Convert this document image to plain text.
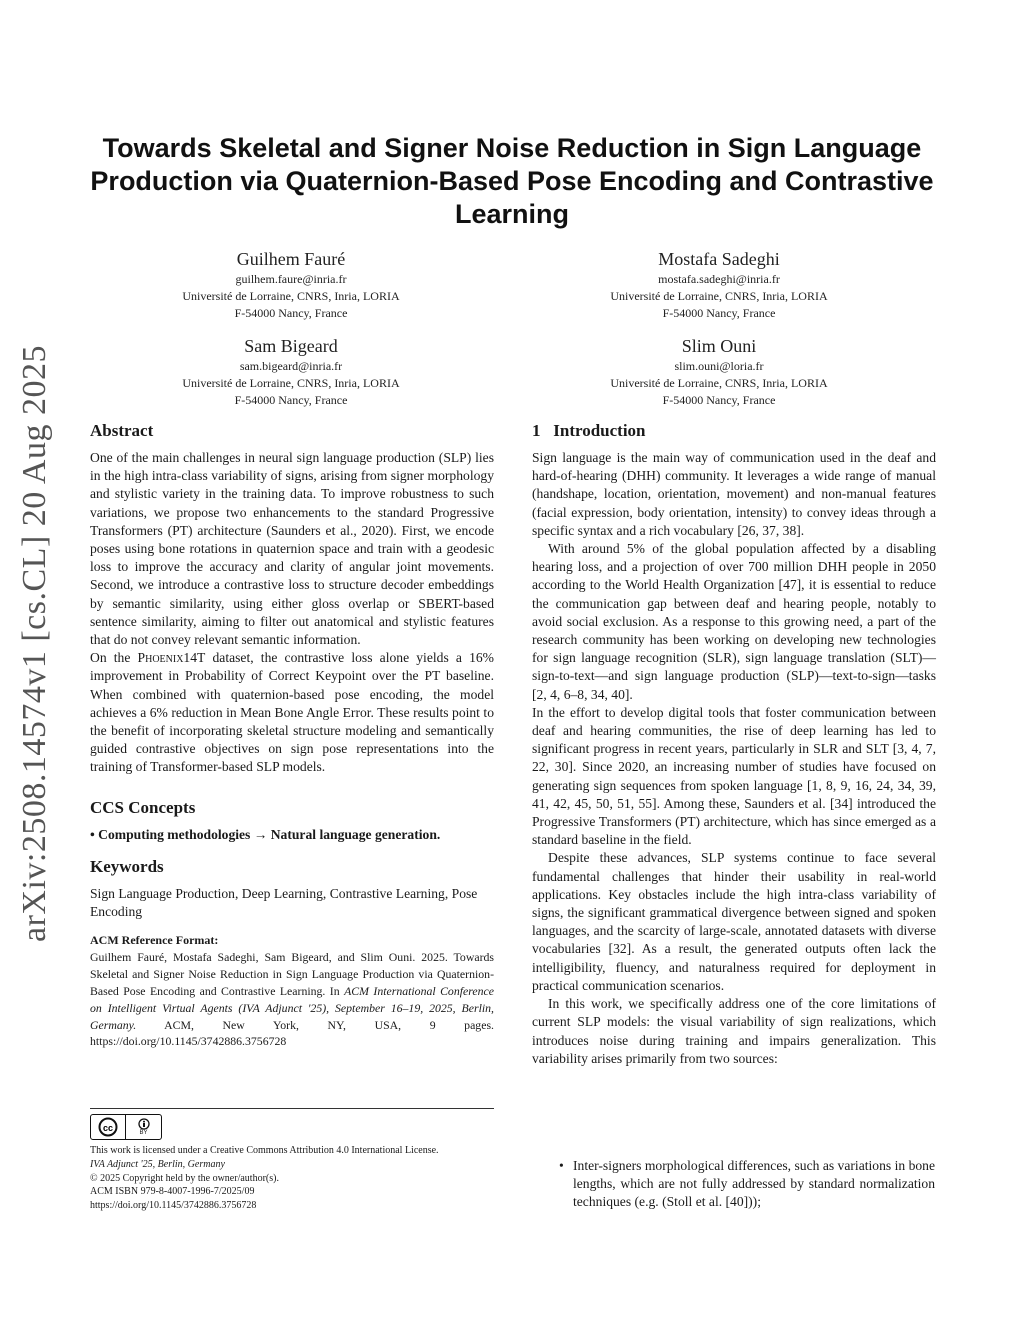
arXiv:2508.14574v1 [cs.CL] 20 Aug 2025
Towards Skeletal and Signer Noise Reduction in Sign Language Production via Quaternion-Based Pose Encoding and Contrastive Learning
Guilhem Fauré
guilhem.faure@inria.fr
Université de Lorraine, CNRS, Inria, LORIA
F-54000 Nancy, France
Mostafa Sadeghi
mostafa.sadeghi@inria.fr
Université de Lorraine, CNRS, Inria, LORIA
F-54000 Nancy, France
Sam Bigeard
sam.bigeard@inria.fr
Université de Lorraine, CNRS, Inria, LORIA
F-54000 Nancy, France
Slim Ouni
slim.ouni@loria.fr
Université de Lorraine, CNRS, Inria, LORIA
F-54000 Nancy, France
Abstract

One of the main challenges in neural sign language production (SLP) lies in the high intra-class variability of signs, arising from signer morphology and stylistic variety in the training data. To improve robustness to such variations, we propose two enhancements to the standard Progressive Transformers (PT) architecture (Saunders et al., 2020). First, we encode poses using bone rotations in quaternion space and train with a geodesic loss to improve the accuracy and clarity of angular joint movements. Second, we introduce a contrastive loss to structure decoder embeddings by semantic similarity, using either gloss overlap or SBERT-based sentence similarity, aiming to filter out anatomical and stylistic features that do not convey relevant semantic information.

On the Phoenix14T dataset, the contrastive loss alone yields a 16% improvement in Probability of Correct Keypoint over the PT baseline. When combined with quaternion-based pose encoding, the model achieves a 6% reduction in Mean Bone Angle Error. These results point to the benefit of incorporating skeletal structure modeling and semantically guided contrastive objectives on sign pose representations into the training of Transformer-based SLP models.

CCS Concepts

• Computing methodologies → Natural language generation.

Keywords

Sign Language Production, Deep Learning, Contrastive Learning, Pose Encoding

ACM Reference Format:

Guilhem Fauré, Mostafa Sadeghi, Sam Bigeard, and Slim Ouni. 2025. Towards Skeletal and Signer Noise Reduction in Sign Language Production via Quaternion-Based Pose Encoding and Contrastive Learning. In ACM International Conference on Intelligent Virtual Agents (IVA Adjunct '25), September 16–19, 2025, Berlin, Germany. ACM, New York, NY, USA, 9 pages. https://doi.org/10.1145/3742886.3756728

cc	BY
This work is licensed under a Creative Commons Attribution 4.0 International License.
IVA Adjunct '25, Berlin, Germany
© 2025 Copyright held by the owner/author(s).
ACM ISBN 979-8-4007-1996-7/2025/09
https://doi.org/10.1145/3742886.3756728
1   Introduction

Sign language is the main way of communication used in the deaf and hard-of-hearing (DHH) community. It leverages a wide range of manual (handshape, location, orientation, movement) and non-manual features (facial expression, body orientation, intensity) to convey ideas through a specific syntax and a rich vocabulary [26, 37, 38].

With around 5% of the global population affected by a disabling hearing loss, and a projection of over 700 million DHH people in 2050 according to the World Health Organization [47], it is essential to reduce the communication gap between deaf and hearing people, notably to avoid social exclusion. As a response to this growing need, a part of the research community has been working on developing new technologies for sign language recognition (SLR), sign language translation (SLT)—sign-to-text—and sign language production (SLP)—text-to-sign—tasks [2, 4, 6–8, 34, 40].

In the effort to develop digital tools that foster communication between deaf and hearing communities, the rise of deep learning has led to significant progress in recent years, particularly in SLR and SLT [3, 4, 7, 22, 30]. Since 2020, an increasing number of studies have focused on generating sign sequences from spoken language [1, 8, 9, 16, 24, 34, 39, 41, 42, 45, 50, 51, 55]. Among these, Saunders et al. [34] introduced the Progressive Transformers (PT) architecture, which has since emerged as a standard baseline in the field.

Despite these advances, SLP systems continue to face several fundamental challenges that hinder their usability in real-world applications. Key obstacles include the high intra-class variability of signs, the significant grammatical divergence between signed and spoken languages, and the scarcity of large-scale, annotated datasets with diverse vocabularies [32]. As a result, the generated outputs often lack the intelligibility, fluency, and naturalness required for deployment in practical communication scenarios.

In this work, we specifically address one of the core limitations of current SLP models: the visual variability of sign realizations, which introduces noise during training and impairs generalization. This variability arises primarily from two sources:

• Inter-signers morphological differences, such as variations in bone lengths, which are not fully addressed by standard normalization techniques (e.g. (Stoll et al. [40]));
